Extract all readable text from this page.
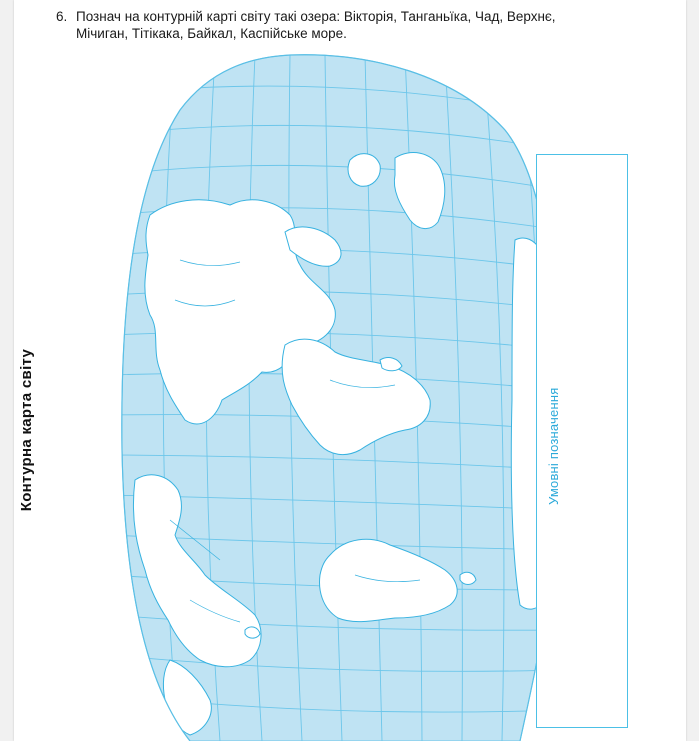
6. Познач на контурній карті світу такі озера: Вікторія, Танганьїка, Чад, Верхнє,
Мічиган, Тітікака, Байкал, Каспійське море.
Контурна карта світу	Умовні позначення
